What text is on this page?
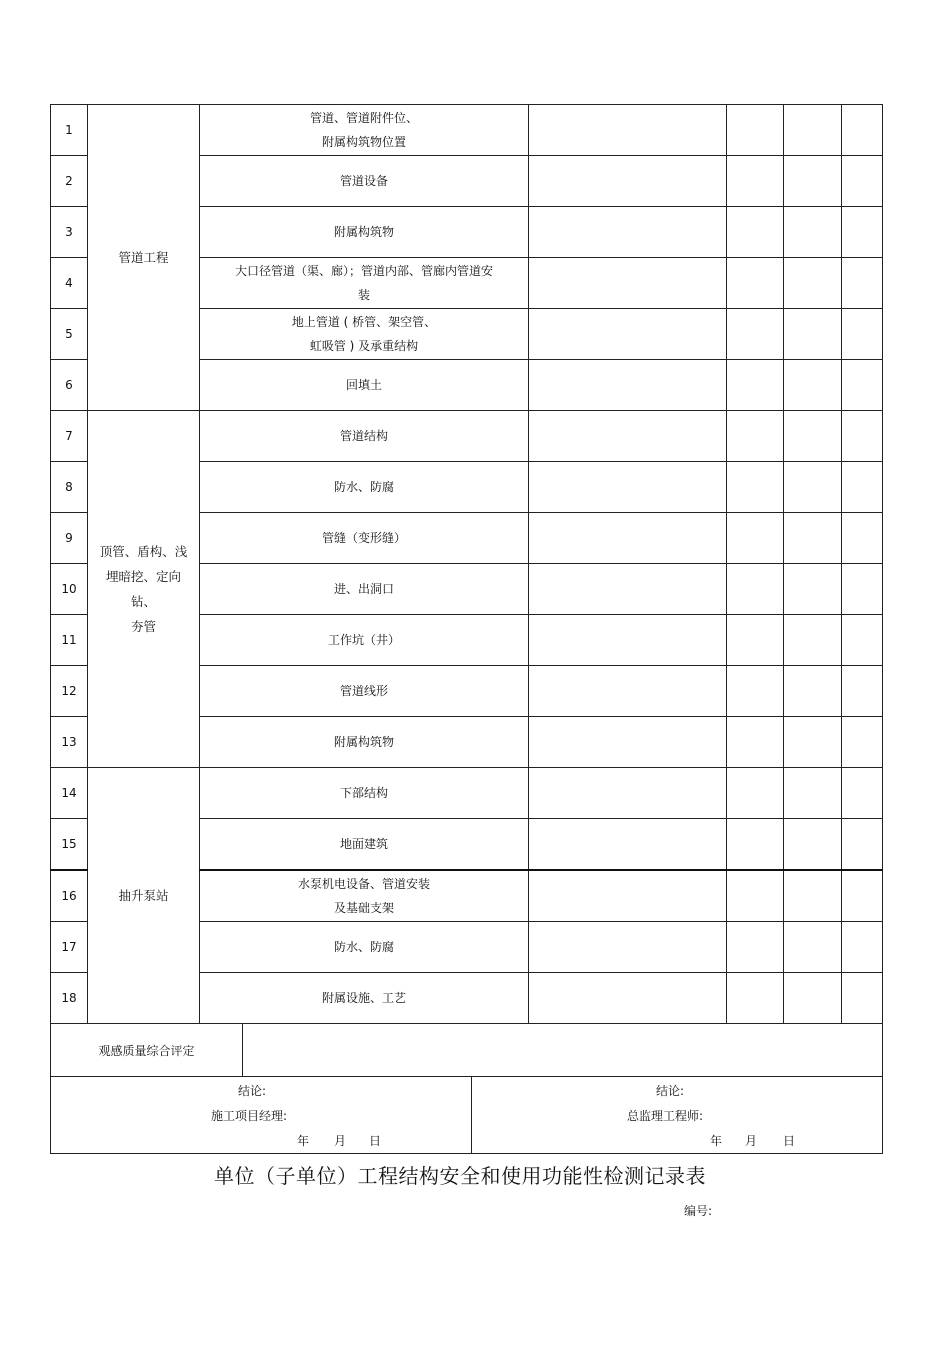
1	管道工程	管道、管道附件位、
附属构筑物位置				

2		管道设备				

3		附属构筑物				

4		大口径管道（渠、廊）；管道内部、管廊内管道安
装				

5		地上管道 ( 桥管、架空管、
虹吸管 ) 及承重结构				

6		回填土				

7	顶管、盾构、浅
埋暗挖、定向
钻、
夯管	管道结构				

8		防水、防腐				

9		管缝（变形缝）				

10		进、出洞口				

11		工作坑（井）				

12		管道线形				

13		附属构筑物				

14	抽升泵站	下部结构				

15		地面建筑				

16		水泵机电设备、管道安装
及基础支架				

17		防水、防腐				

18		附属设施、工艺				

观感质量综合评定	
结论:
施工项目经理:
年 月 日

结论:
总监理工程师:
年 月 日
单位（子单位）工程结构安全和使用功能性检测记录表
编号:
